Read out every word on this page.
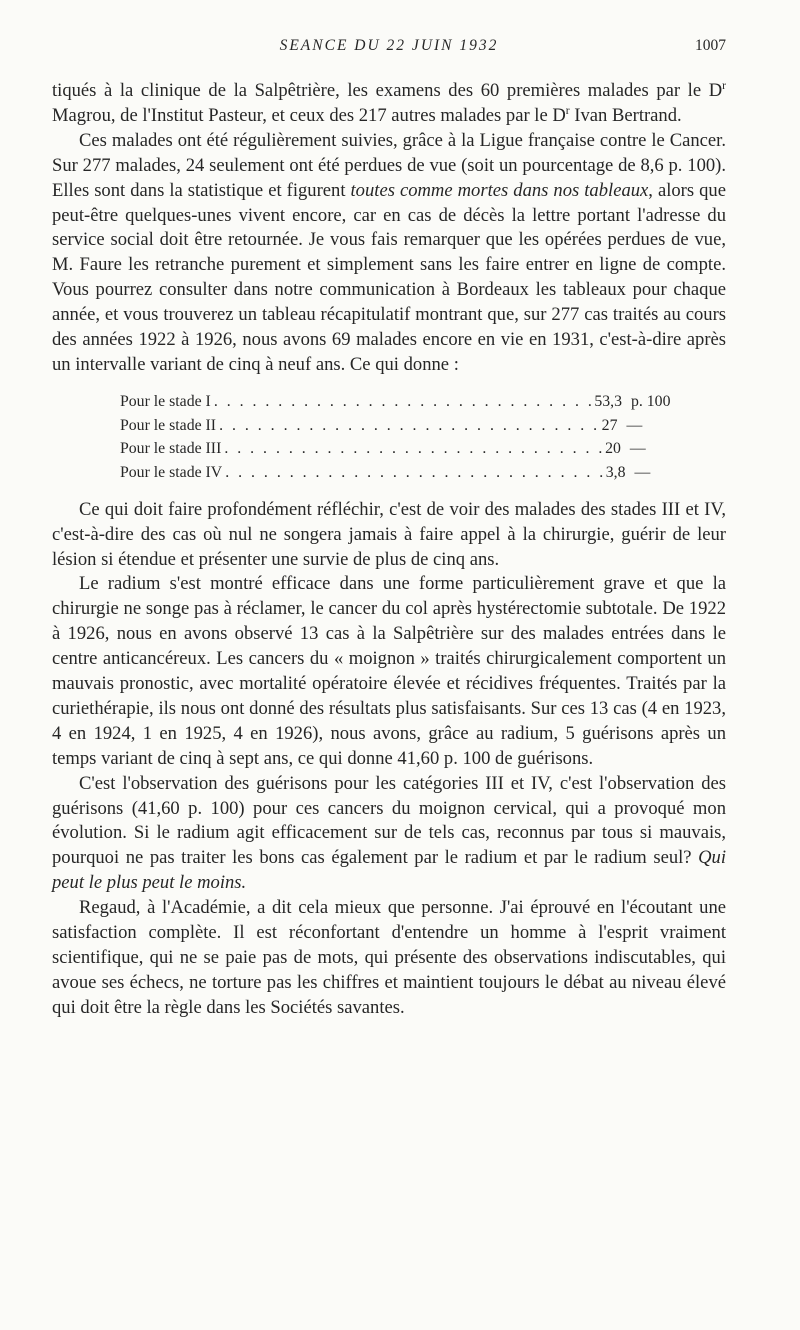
SEANCE DU 22 JUIN 1932	1007

tiqués à la clinique de la Salpêtrière, les examens des 60 premières malades par le $D^r$ Magrou, de l'Institut Pasteur, et ceux des 217 autres malades par le $D^r$ Ivan Bertrand.

Ces malades ont été régulièrement suivies, grâce à la Ligue française contre le Cancer. Sur 277 malades, 24 seulement ont été perdues de vue (soit un pourcentage de 8,6 p. 100). Elles sont dans la statistique et figurent toutes comme mortes dans nos tableaux, alors que peut-être quelques-unes vivent encore, car en cas de décès la lettre portant l'adresse du service social doit être retournée. Je vous fais remarquer que les opérées perdues de vue, M. Faure les retranche purement et simplement sans les faire entrer en ligne de compte. Vous pourrez consulter dans notre communication à Bordeaux les tableaux pour chaque année, et vous trouverez un tableau récapitulatif montrant que, sur 277 cas traités au cours des années 1922 à 1926, nous avons 69 malades encore en vie en 1931, c'est-à-dire après un intervalle variant de cinq à neuf ans. Ce qui donne :

Pour le stade I . . . . . . . . . . . . . . . . . . . . . . . . . . . . . . 53,3 p. 100
Pour le stade II . . . . . . . . . . . . . . . . . . . . . . . . . . . . . . 27 —
Pour le stade III . . . . . . . . . . . . . . . . . . . . . . . . . . . . . . 20 —
Pour le stade IV . . . . . . . . . . . . . . . . . . . . . . . . . . . . . . 3,8 —

Ce qui doit faire profondément réfléchir, c'est de voir des malades des stades III et IV, c'est-à-dire des cas où nul ne songera jamais à faire appel à la chirurgie, guérir de leur lésion si étendue et présenter une survie de plus de cinq ans.

Le radium s'est montré efficace dans une forme particulièrement grave et que la chirurgie ne songe pas à réclamer, le cancer du col après hystérectomie subtotale. De 1922 à 1926, nous en avons observé 13 cas à la Salpêtrière sur des malades entrées dans le centre anticancéreux. Les cancers du « moignon » traités chirurgicalement comportent un mauvais pronostic, avec mortalité opératoire élevée et récidives fréquentes. Traités par la curiethérapie, ils nous ont donné des résultats plus satisfaisants. Sur ces 13 cas (4 en 1923, 4 en 1924, 1 en 1925, 4 en 1926), nous avons, grâce au radium, 5 guérisons après un temps variant de cinq à sept ans, ce qui donne 41,60 p. 100 de guérisons.

C'est l'observation des guérisons pour les catégories III et IV, c'est l'observation des guérisons (41,60 p. 100) pour ces cancers du moignon cervical, qui a provoqué mon évolution. Si le radium agit efficacement sur de tels cas, reconnus par tous si mauvais, pourquoi ne pas traiter les bons cas également par le radium et par le radium seul? Qui peut le plus peut le moins.

Regaud, à l'Académie, a dit cela mieux que personne. J'ai éprouvé en l'écoutant une satisfaction complète. Il est réconfortant d'entendre un homme à l'esprit vraiment scientifique, qui ne se paie pas de mots, qui présente des observations indiscutables, qui avoue ses échecs, ne torture pas les chiffres et maintient toujours le débat au niveau élevé qui doit être la règle dans les Sociétés savantes.
